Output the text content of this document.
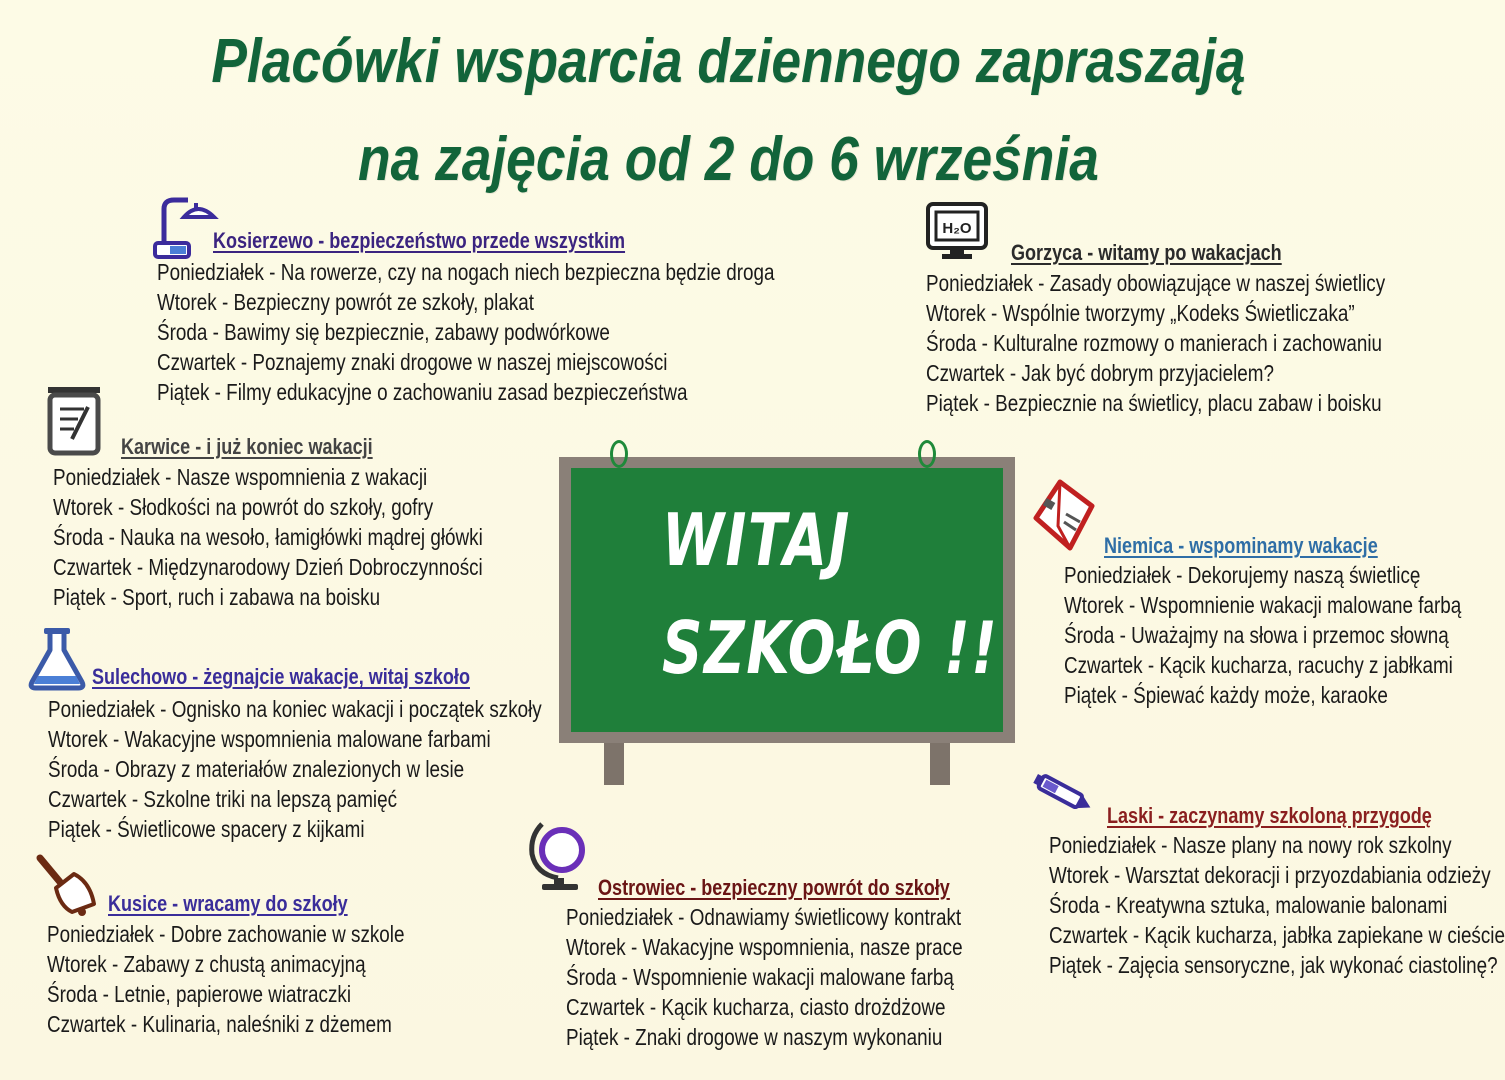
Placówki wsparcia dziennego zapraszają
na zajęcia od 2 do 6 września
WITAJ
SZKOŁO !!
Kosierzewo - bezpieczeństwo przede wszystkim
Poniedziałek - Na rowerze, czy na nogach niech bezpieczna będzie droga
Wtorek - Bezpieczny powrót ze szkoły, plakat
Środa - Bawimy się bezpiecznie, zabawy podwórkowe
Czwartek - Poznajemy znaki drogowe w naszej miejscowości
Piątek - Filmy edukacyjne o zachowaniu zasad bezpieczeństwa
H₂O
Gorzyca - witamy po wakacjach
Poniedziałek - Zasady obowiązujące w naszej świetlicy
Wtorek - Wspólnie tworzymy „Kodeks Świetliczaka”
Środa - Kulturalne rozmowy o manierach i zachowaniu
Czwartek - Jak być dobrym przyjacielem?
Piątek - Bezpiecznie na świetlicy, placu zabaw i boisku
Karwice - i już koniec wakacji
Poniedziałek - Nasze wspomnienia z wakacji
Wtorek - Słodkości na powrót do szkoły, gofry
Środa - Nauka na wesoło, łamigłówki mądrej główki
Czwartek - Międzynarodowy Dzień Dobroczynności
Piątek - Sport, ruch i zabawa na boisku
Niemica - wspominamy wakacje
Poniedziałek - Dekorujemy naszą świetlicę
Wtorek - Wspomnienie wakacji malowane farbą
Środa - Uważajmy na słowa i przemoc słowną
Czwartek - Kącik kucharza, racuchy z jabłkami
Piątek - Śpiewać każdy może, karaoke
Sulechowo - żegnajcie wakacje, witaj szkoło
Poniedziałek - Ognisko na koniec wakacji i początek szkoły
Wtorek - Wakacyjne wspomnienia malowane farbami
Środa - Obrazy z materiałów znalezionych w lesie
Czwartek - Szkolne triki na lepszą pamięć
Piątek - Świetlicowe spacery z kijkami
Laski - zaczynamy szkoloną przygodę
Poniedziałek - Nasze plany na nowy rok szkolny
Wtorek - Warsztat dekoracji i przyozdabiania odzieży
Środa - Kreatywna sztuka, malowanie balonami
Czwartek - Kącik kucharza, jabłka zapiekane w cieście
Piątek - Zajęcia sensoryczne, jak wykonać ciastolinę?
Kusice - wracamy do szkoły
Poniedziałek - Dobre zachowanie w szkole
Wtorek - Zabawy z chustą animacyjną
Środa - Letnie, papierowe wiatraczki
Czwartek - Kulinaria, naleśniki z dżemem
Ostrowiec - bezpieczny powrót do szkoły
Poniedziałek - Odnawiamy świetlicowy kontrakt
Wtorek - Wakacyjne wspomnienia, nasze prace
Środa - Wspomnienie wakacji malowane farbą
Czwartek - Kącik kucharza, ciasto drożdżowe
Piątek - Znaki drogowe w naszym wykonaniu
